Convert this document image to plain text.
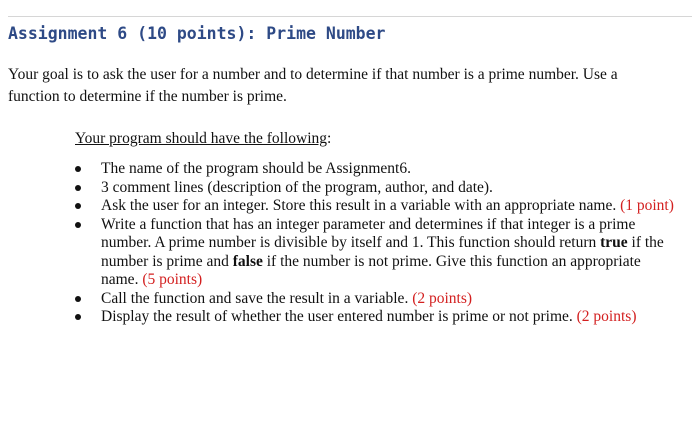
Assignment 6 (10 points): Prime Number

Your goal is to ask the user for a number and to determine if that number is a prime number. Use a function to determine if the number is prime.

Your program should have the following:

The name of the program should be Assignment6.
3 comment lines (description of the program, author, and date).
Ask the user for an integer. Store this result in a variable with an appropriate name. (1 point)
Write a function that has an integer parameter and determines if that integer is a prime number. A prime number is divisible by itself and 1. This function should return true if the number is prime and false if the number is not prime. Give this function an appropriate name. (5 points)
Call the function and save the result in a variable. (2 points)
Display the result of whether the user entered number is prime or not prime. (2 points)
